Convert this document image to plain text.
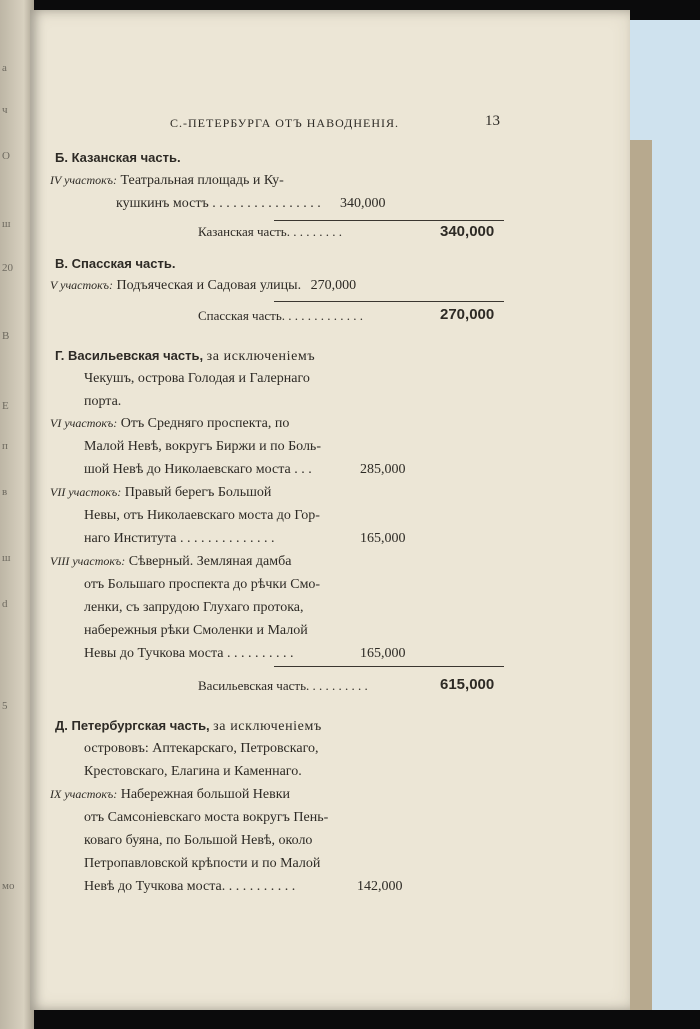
a
ч
O
ш
20
В
Е
п
в
ш
d
5
мо
С.-ПЕТЕРБУРГА ОТЪ НАВОДНЕНІЯ.	13
Б. Казанская часть.
IV участокъ: Театральная площадь и Ку-
кушкинъ мостъ . . . . . . . . . . . . . . . . 340,000
Казанская часть. . . . . . . . .	340,000
В. Спасская часть.
V участокъ: Подъяческая и Садовая улицы. 270,000
Спасская часть. . . . . . . . . . . . .	270,000
Г. Васильевская часть, за исключеніемъ
Чекушъ, острова Голодая и Галернаго
порта.
VI участокъ: Отъ Средняго проспекта, по
Малой Невѣ, вокругъ Биржи и по Боль-
шой Невѣ до Николаевскаго моста . . .	285,000
VII участокъ: Правый берегъ Большой
Невы, отъ Николаевскаго моста до Гор-
наго Института . . . . . . . . . . . . . .	165,000
VIII участокъ: Сѣверный. Земляная дамба
отъ Большаго проспекта до рѣчки Смо-
ленки, съ запрудою Глухаго протока,
набережныя рѣки Смоленки и Малой
Невы до Тучкова моста . . . . . . . . . .	165,000
Васильевская часть. . . . . . . . . .	615,000
Д. Петербургская часть, за исключеніемъ
острововъ: Аптекарскаго, Петровскаго,
Крестовскаго, Елагина и Каменнаго.
IX участокъ: Набережная большой Невки
отъ Самсоніевскаго моста вокругъ Пень-
коваго буяна, по Большой Невѣ, около
Петропавловской крѣпости и по Малой
Невѣ до Тучкова моста. . . . . . . . . . .	142,000
